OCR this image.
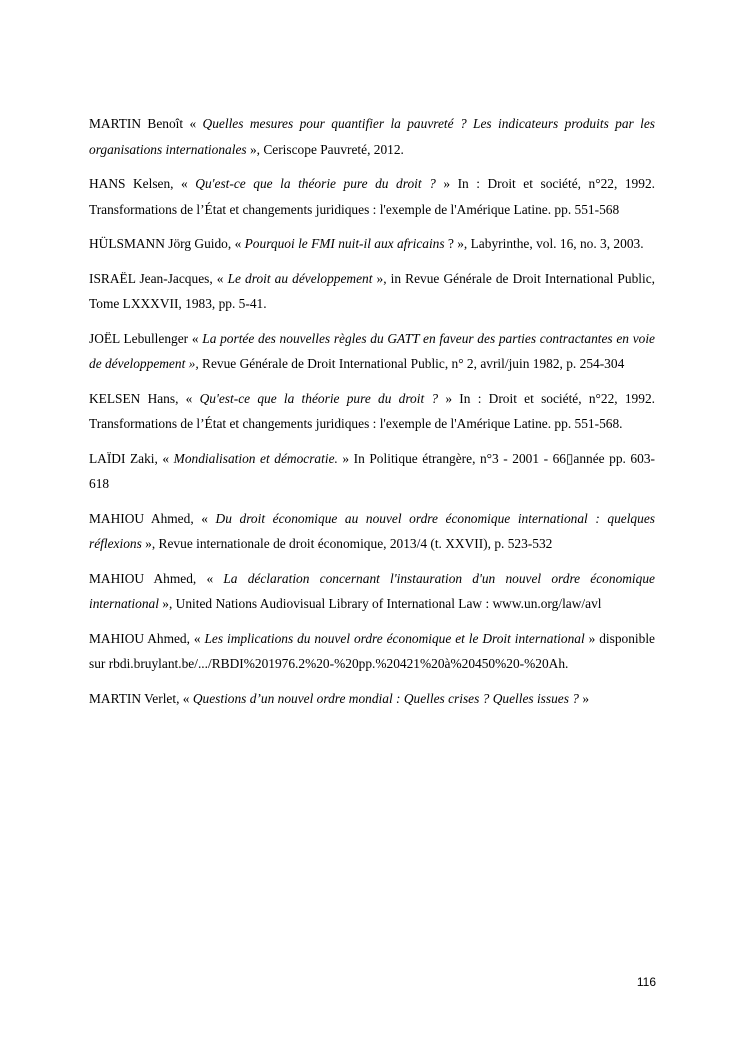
MARTIN Benoît « Quelles mesures pour quantifier la pauvreté ? Les indicateurs produits par les organisations internationales », Ceriscope Pauvreté, 2012.

HANS Kelsen, « Qu'est-ce que la théorie pure du droit ? » In : Droit et société, n°22, 1992. Transformations de l’État et changements juridiques : l'exemple de l'Amérique Latine. pp. 551-568

HÜLSMANN Jörg Guido, « Pourquoi le FMI nuit-il aux africains ? », Labyrinthe, vol. 16, no. 3, 2003.

ISRAËL Jean-Jacques, « Le droit au développement », in Revue Générale de Droit International Public, Tome LXXXVII, 1983, pp. 5-41.

JOËL Lebullenger « La portée des nouvelles règles du GATT en faveur des parties contractantes en voie de développement », Revue Générale de Droit International Public, n° 2, avril/juin 1982, p. 254-304

KELSEN Hans, « Qu'est-ce que la théorie pure du droit ? » In : Droit et société, n°22, 1992. Transformations de l’État et changements juridiques : l'exemple de l'Amérique Latine. pp. 551-568.

LAÏDI Zaki, « Mondialisation et démocratie. » In Politique étrangère, n°3 - 2001 - 66▯année pp. 603-618

MAHIOU Ahmed, « Du droit économique au nouvel ordre économique international : quelques réflexions », Revue internationale de droit économique, 2013/4 (t. XXVII), p. 523-532

MAHIOU Ahmed, « La déclaration concernant l'instauration d'un nouvel ordre économique international », United Nations Audiovisual Library of International Law : www.un.org/law/avl

MAHIOU Ahmed, « Les implications du nouvel ordre économique et le Droit international » disponible sur rbdi.bruylant.be/.../RBDI%201976.2%20-%20pp.%20421%20à%20450%20-%20Ah.

MARTIN Verlet, « Questions d’un nouvel ordre mondial : Quelles crises ? Quelles issues ? »

116
